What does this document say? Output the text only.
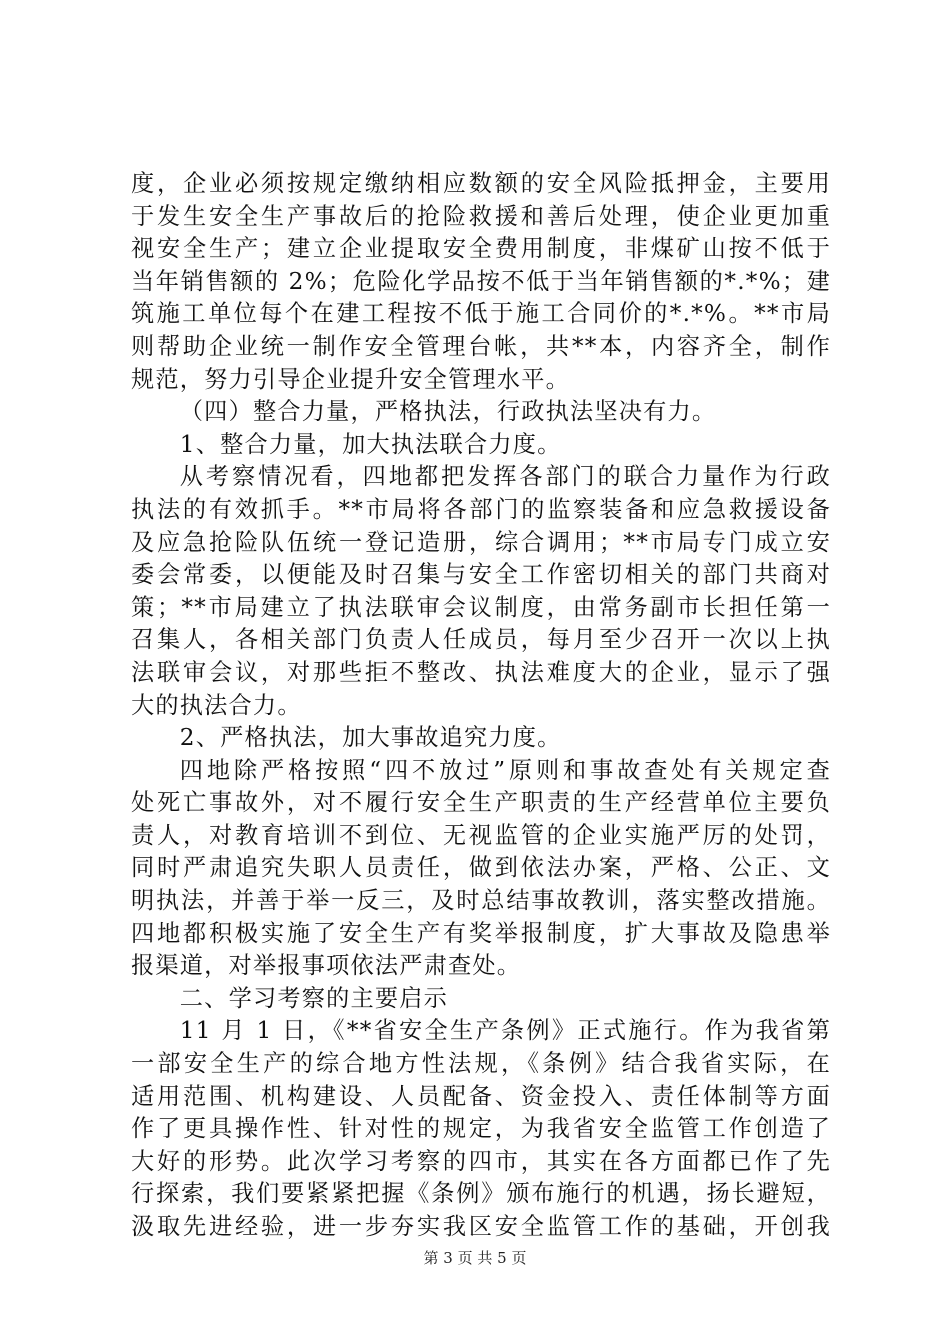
度，企业必须按规定缴纳相应数额的安全风险抵押金，主要用
于发生安全生产事故后的抢险救援和善后处理，使企业更加重
视安全生产；建立企业提取安全费用制度，非煤矿山按不低于
当年销售额的 2%；危险化学品按不低于当年销售额的*.*%；建
筑施工单位每个在建工程按不低于施工合同价的*.*%。**市局
则帮助企业统一制作安全管理台帐，共**本，内容齐全，制作
规范，努力引导企业提升安全管理水平。
（四）整合力量，严格执法，行政执法坚决有力。
1、整合力量，加大执法联合力度。
从考察情况看，四地都把发挥各部门的联合力量作为行政
执法的有效抓手。**市局将各部门的监察装备和应急救援设备
及应急抢险队伍统一登记造册，综合调用；**市局专门成立安
委会常委，以便能及时召集与安全工作密切相关的部门共商对
策；**市局建立了执法联审会议制度，由常务副市长担任第一
召集人，各相关部门负责人任成员，每月至少召开一次以上执
法联审会议，对那些拒不整改、执法难度大的企业，显示了强
大的执法合力。
2、严格执法，加大事故追究力度。
四地除严格按照“四不放过”原则和事故查处有关规定查
处死亡事故外，对不履行安全生产职责的生产经营单位主要负
责人，对教育培训不到位、无视监管的企业实施严厉的处罚，
同时严肃追究失职人员责任，做到依法办案，严格、公正、文
明执法，并善于举一反三，及时总结事故教训，落实整改措施。
四地都积极实施了安全生产有奖举报制度，扩大事故及隐患举
报渠道，对举报事项依法严肃查处。
二、学习考察的主要启示
11 月 1 日，《**省安全生产条例》正式施行。作为我省第
一部安全生产的综合地方性法规，《条例》结合我省实际，在
适用范围、机构建设、人员配备、资金投入、责任体制等方面
作了更具操作性、针对性的规定，为我省安全监管工作创造了
大好的形势。此次学习考察的四市，其实在各方面都已作了先
行探索，我们要紧紧把握《条例》颁布施行的机遇，扬长避短，
汲取先进经验，进一步夯实我区安全监管工作的基础，开创我
第 3 页 共 5 页
